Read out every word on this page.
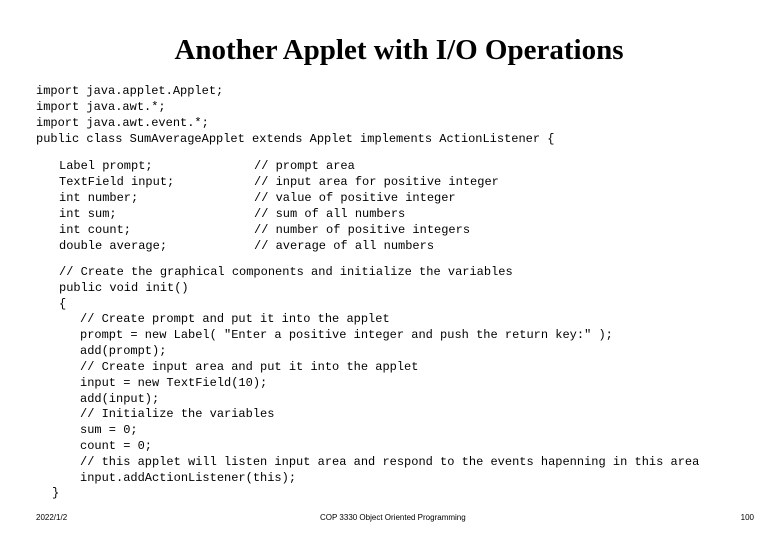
Another Applet with I/O Operations
import java.applet.Applet;
import java.awt.*;
import java.awt.event.*;
public class SumAverageApplet extends Applet implements ActionListener {
Label prompt;
TextField input;
int number;
int sum;
int count;
double average;
// prompt area
// input area for positive integer
// value of positive integer
// sum of all numbers
// number of positive integers
// average of all numbers
// Create the graphical components and initialize the variables
public void init()
{
// Create prompt and put it into the applet
prompt = new Label( "Enter a positive integer and push the return key:" );
add(prompt);
// Create input area and put it into the applet
input = new TextField(10);
add(input);
// Initialize the variables
sum = 0;
count = 0;
// this applet will listen input area and respond to the events hapenning in this area
input.addActionListener(this);
}
2022/1/2	COP 3330 Object Oriented Programming	100
